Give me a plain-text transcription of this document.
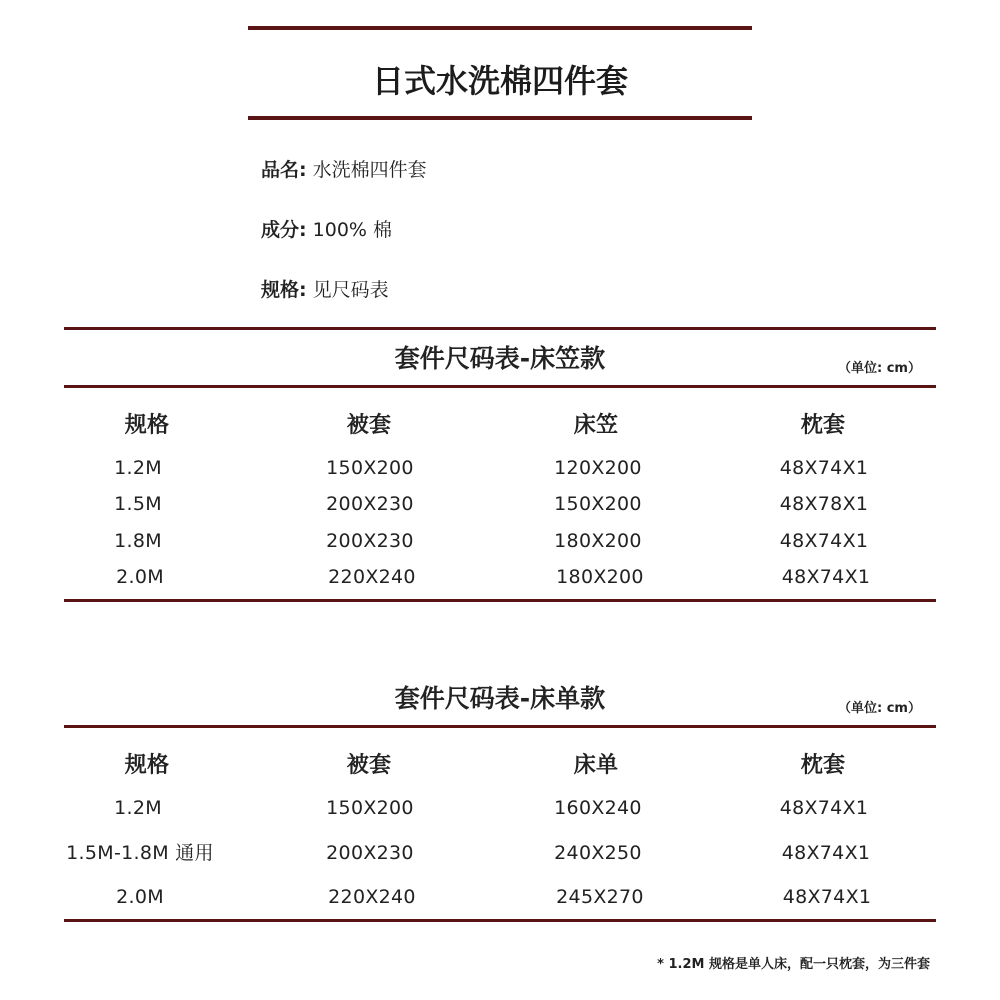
日式水洗棉四件套
品名: 水洗棉四件套
成分: 100% 棉
规格: 见尺码表
套件尺码表-床笠款	（单位: cm）
规格	被套	床笠	枕套
1.2M	150X200	120X200	48X74X1
1.5M	200X230	150X200	48X78X1
1.8M	200X230	180X200	48X74X1
2.0M	220X240	180X200	48X74X1
套件尺码表-床单款	（单位: cm）
规格	被套	床单	枕套
1.2M	150X200	160X240	48X74X1
1.5M-1.8M 通用	200X230	240X250	48X74X1
2.0M	220X240	245X270	48X74X1
* 1.2M 规格是单人床，配一只枕套，为三件套
